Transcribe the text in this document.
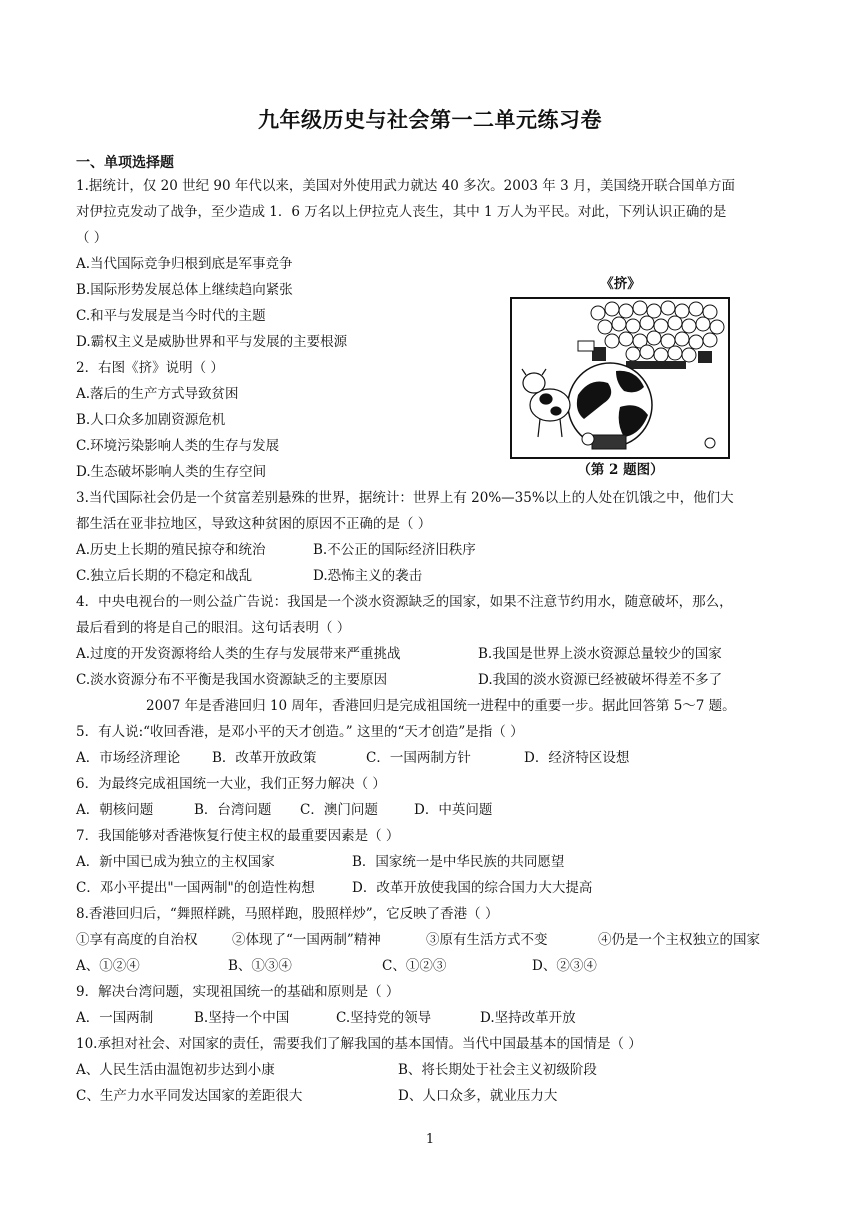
九年级历史与社会第一二单元练习卷
一、单项选择题
1.据统计，仅 20 世纪 90 年代以来，美国对外使用武力就达 40 多次。2003 年 3 月，美国绕开联合国单方面
对伊拉克发动了战争，至少造成 1．6 万名以上伊拉克人丧生，其中 1 万人为平民。对此，下列认识正确的是
（ ）
A.当代国际竞争归根到底是军事竞争
B.国际形势发展总体上继续趋向紧张
C.和平与发展是当今时代的主题
D.霸权主义是威胁世界和平与发展的主要根源
2．右图《挤》说明（ ）
A.落后的生产方式导致贫困
B.人口众多加剧资源危机
C.环境污染影响人类的生存与发展
D.生态破坏影响人类的生存空间
《挤》
（第 2 题图）
3.当代国际社会仍是一个贫富差别悬殊的世界，据统计：世界上有 20%—35%以上的人处在饥饿之中，他们大
都生活在亚非拉地区，导致这种贫困的原因不正确的是（ ）
A.历史上长期的殖民掠夺和统治	B.不公正的国际经济旧秩序
C.独立后长期的不稳定和战乱	D.恐怖主义的袭击
4．中央电视台的一则公益广告说：我国是一个淡水资源缺乏的国家，如果不注意节约用水，随意破坏，那么，
最后看到的将是自己的眼泪。这句话表明（ ）
A.过度的开发资源将给人类的生存与发展带来严重挑战	B.我国是世界上淡水资源总量较少的国家
C.淡水资源分布不平衡是我国水资源缺乏的主要原因	D.我国的淡水资源已经被破坏得差不多了
2007 年是香港回归 10 周年，香港回归是完成祖国统一进程中的重要一步。据此回答第 5～7 题。
5．有人说:“收回香港，是邓小平的天才创造。” 这里的“天才创造”是指（ ）
A．市场经济理论 B．改革开放政策	C．一国两制方针	D．经济特区设想
6．为最终完成祖国统一大业，我们正努力解决（ ）
A．朝核问题	B．台湾问题 C．澳门问题	D．中英问题
7．我国能够对香港恢复行使主权的最重要因素是（ ）
A．新中国已成为独立的主权国家	B．国家统一是中华民族的共同愿望
C．邓小平提出"一国两制"的创造性构想	D．改革开放使我国的综合国力大大提高
8.香港回归后，“舞照样跳，马照样跑，股照样炒”，它反映了香港（ ）
①享有高度的自治权	②体现了“一国两制”精神	③原有生活方式不变	④仍是一个主权独立的国家
A、①②④	B、①③④	C、①②③	D、②③④
9．解决台湾问题，实现祖国统一的基础和原则是（ ）
A．一国两制	B.坚持一个中国	C.坚持党的领导	D.坚持改革开放
10.承担对社会、对国家的责任，需要我们了解我国的基本国情。当代中国最基本的国情是（ ）
A、人民生活由温饱初步达到小康	B、将长期处于社会主义初级阶段
C、生产力水平同发达国家的差距很大	D、人口众多，就业压力大
1
